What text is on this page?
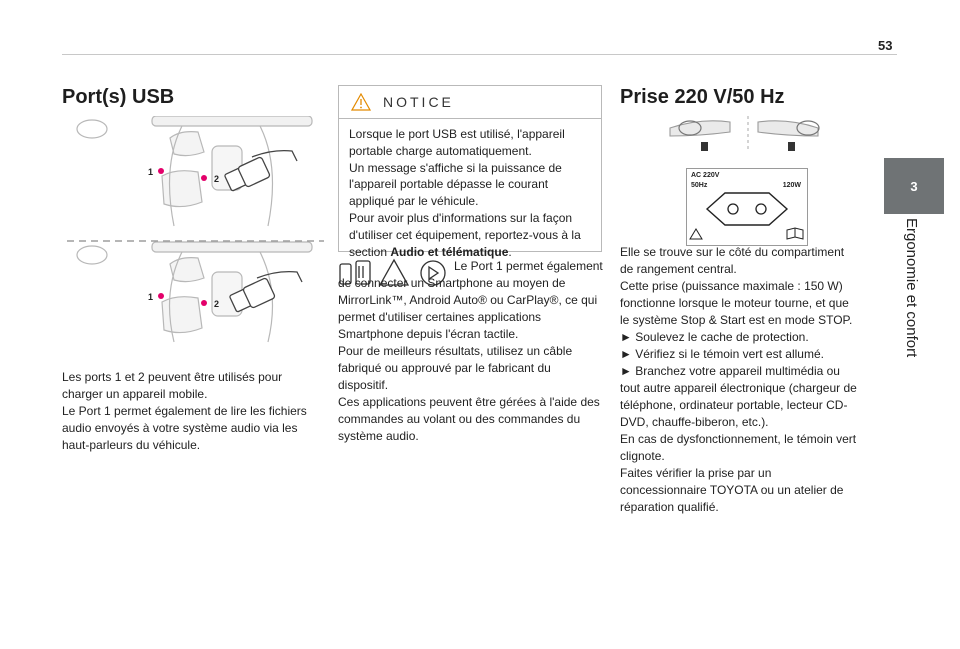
53
3
Ergonomie et confort
Port(s) USB
1
2
1
2

Les ports 1 et 2 peuvent être utilisés pour charger un appareil mobile.

Le Port 1 permet également de lire les fichiers audio envoyés à votre système audio via les haut-parleurs du véhicule.

NOTICE

Lorsque le port USB est utilisé, l'appareil portable charge automatiquement.

Un message s'affiche si la puissance de l'appareil portable dépasse le courant appliqué par le véhicule.

Pour avoir plus d'informations sur la façon d'utiliser cet équipement, reportez-vous à la section Audio et télématique.

Le Port 1 permet également de connecter un Smartphone au moyen de MirrorLink™, Android Auto® ou CarPlay®, ce qui permet d'utiliser certaines applications Smartphone depuis l'écran tactile.

Pour de meilleurs résultats, utilisez un câble fabriqué ou approuvé par le fabricant du dispositif.

Ces applications peuvent être gérées à l'aide des commandes au volant ou des commandes du système audio.

Prise 220 V/50 Hz
AC 220V
50Hz	120W

Elle se trouve sur le côté du compartiment de rangement central.

Cette prise (puissance maximale : 150 W) fonctionne lorsque le moteur tourne, et que le système Stop & Start est en mode STOP.

► Soulevez le cache de protection.

► Vérifiez si le témoin vert est allumé.

► Branchez votre appareil multimédia ou tout autre appareil électronique (chargeur de téléphone, ordinateur portable, lecteur CD-DVD, chauffe-biberon, etc.).

En cas de dysfonctionnement, le témoin vert clignote.

Faites vérifier la prise par un concessionnaire TOYOTA ou un atelier de réparation qualifié.
